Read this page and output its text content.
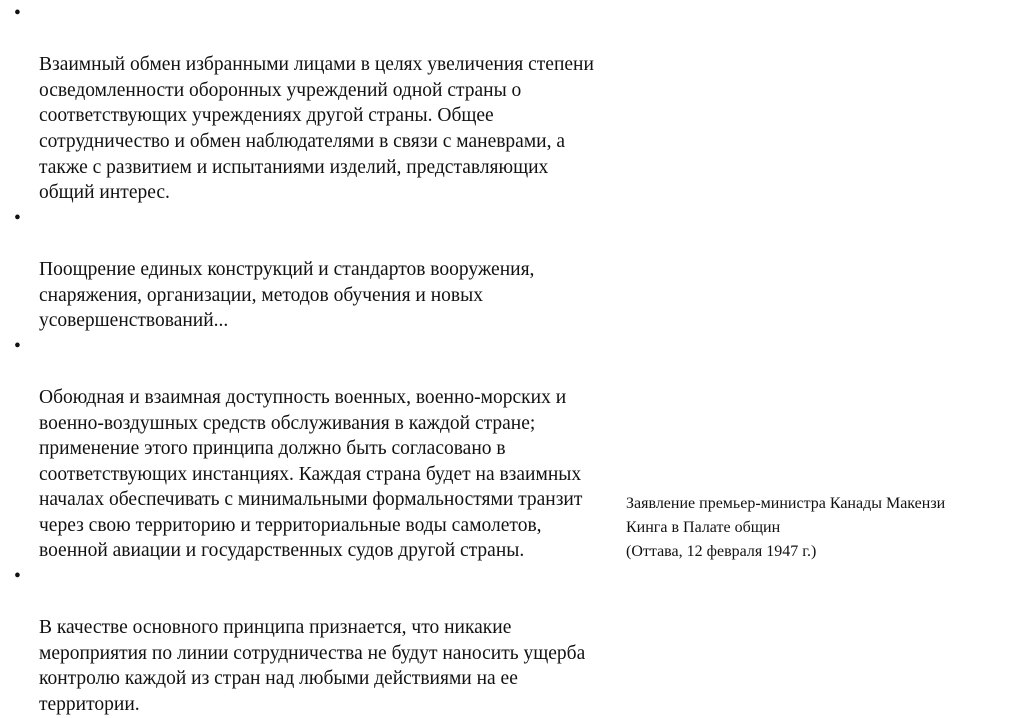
•

Взаимный обмен избранными лицами в целях увеличения степени
осведомленности оборонных учреждений одной страны о
соответствующих учреждениях другой страны. Общее
сотрудничество и обмен наблюдателями в связи с маневрами, а
также с развитием и испытаниями изделий, представляющих
общий интерес.

•

Поощрение единых конструкций и стандартов вооружения,
снаряжения, организации, методов обучения и новых
усовершенствований...

•

Обоюдная и взаимная доступность военных, военно-морских и
военно-воздушных средств обслуживания в каждой стране;
применение этого принципа должно быть согласовано в
соответствующих инстанциях. Каждая страна будет на взаимных
началах обеспечивать с минимальными формальностями транзит
через свою территорию и территориальные воды самолетов,
военной авиации и государственных судов другой страны.

•

В качестве основного принципа признается, что никакие
мероприятия по линии сотрудничества не будут наносить ущерба
контролю каждой из стран над любыми действиями на ее
территории.

Заявление премьер-министра Канады Макензи
Кинга в Палате общин
(Оттава, 12 февраля 1947 г.)
